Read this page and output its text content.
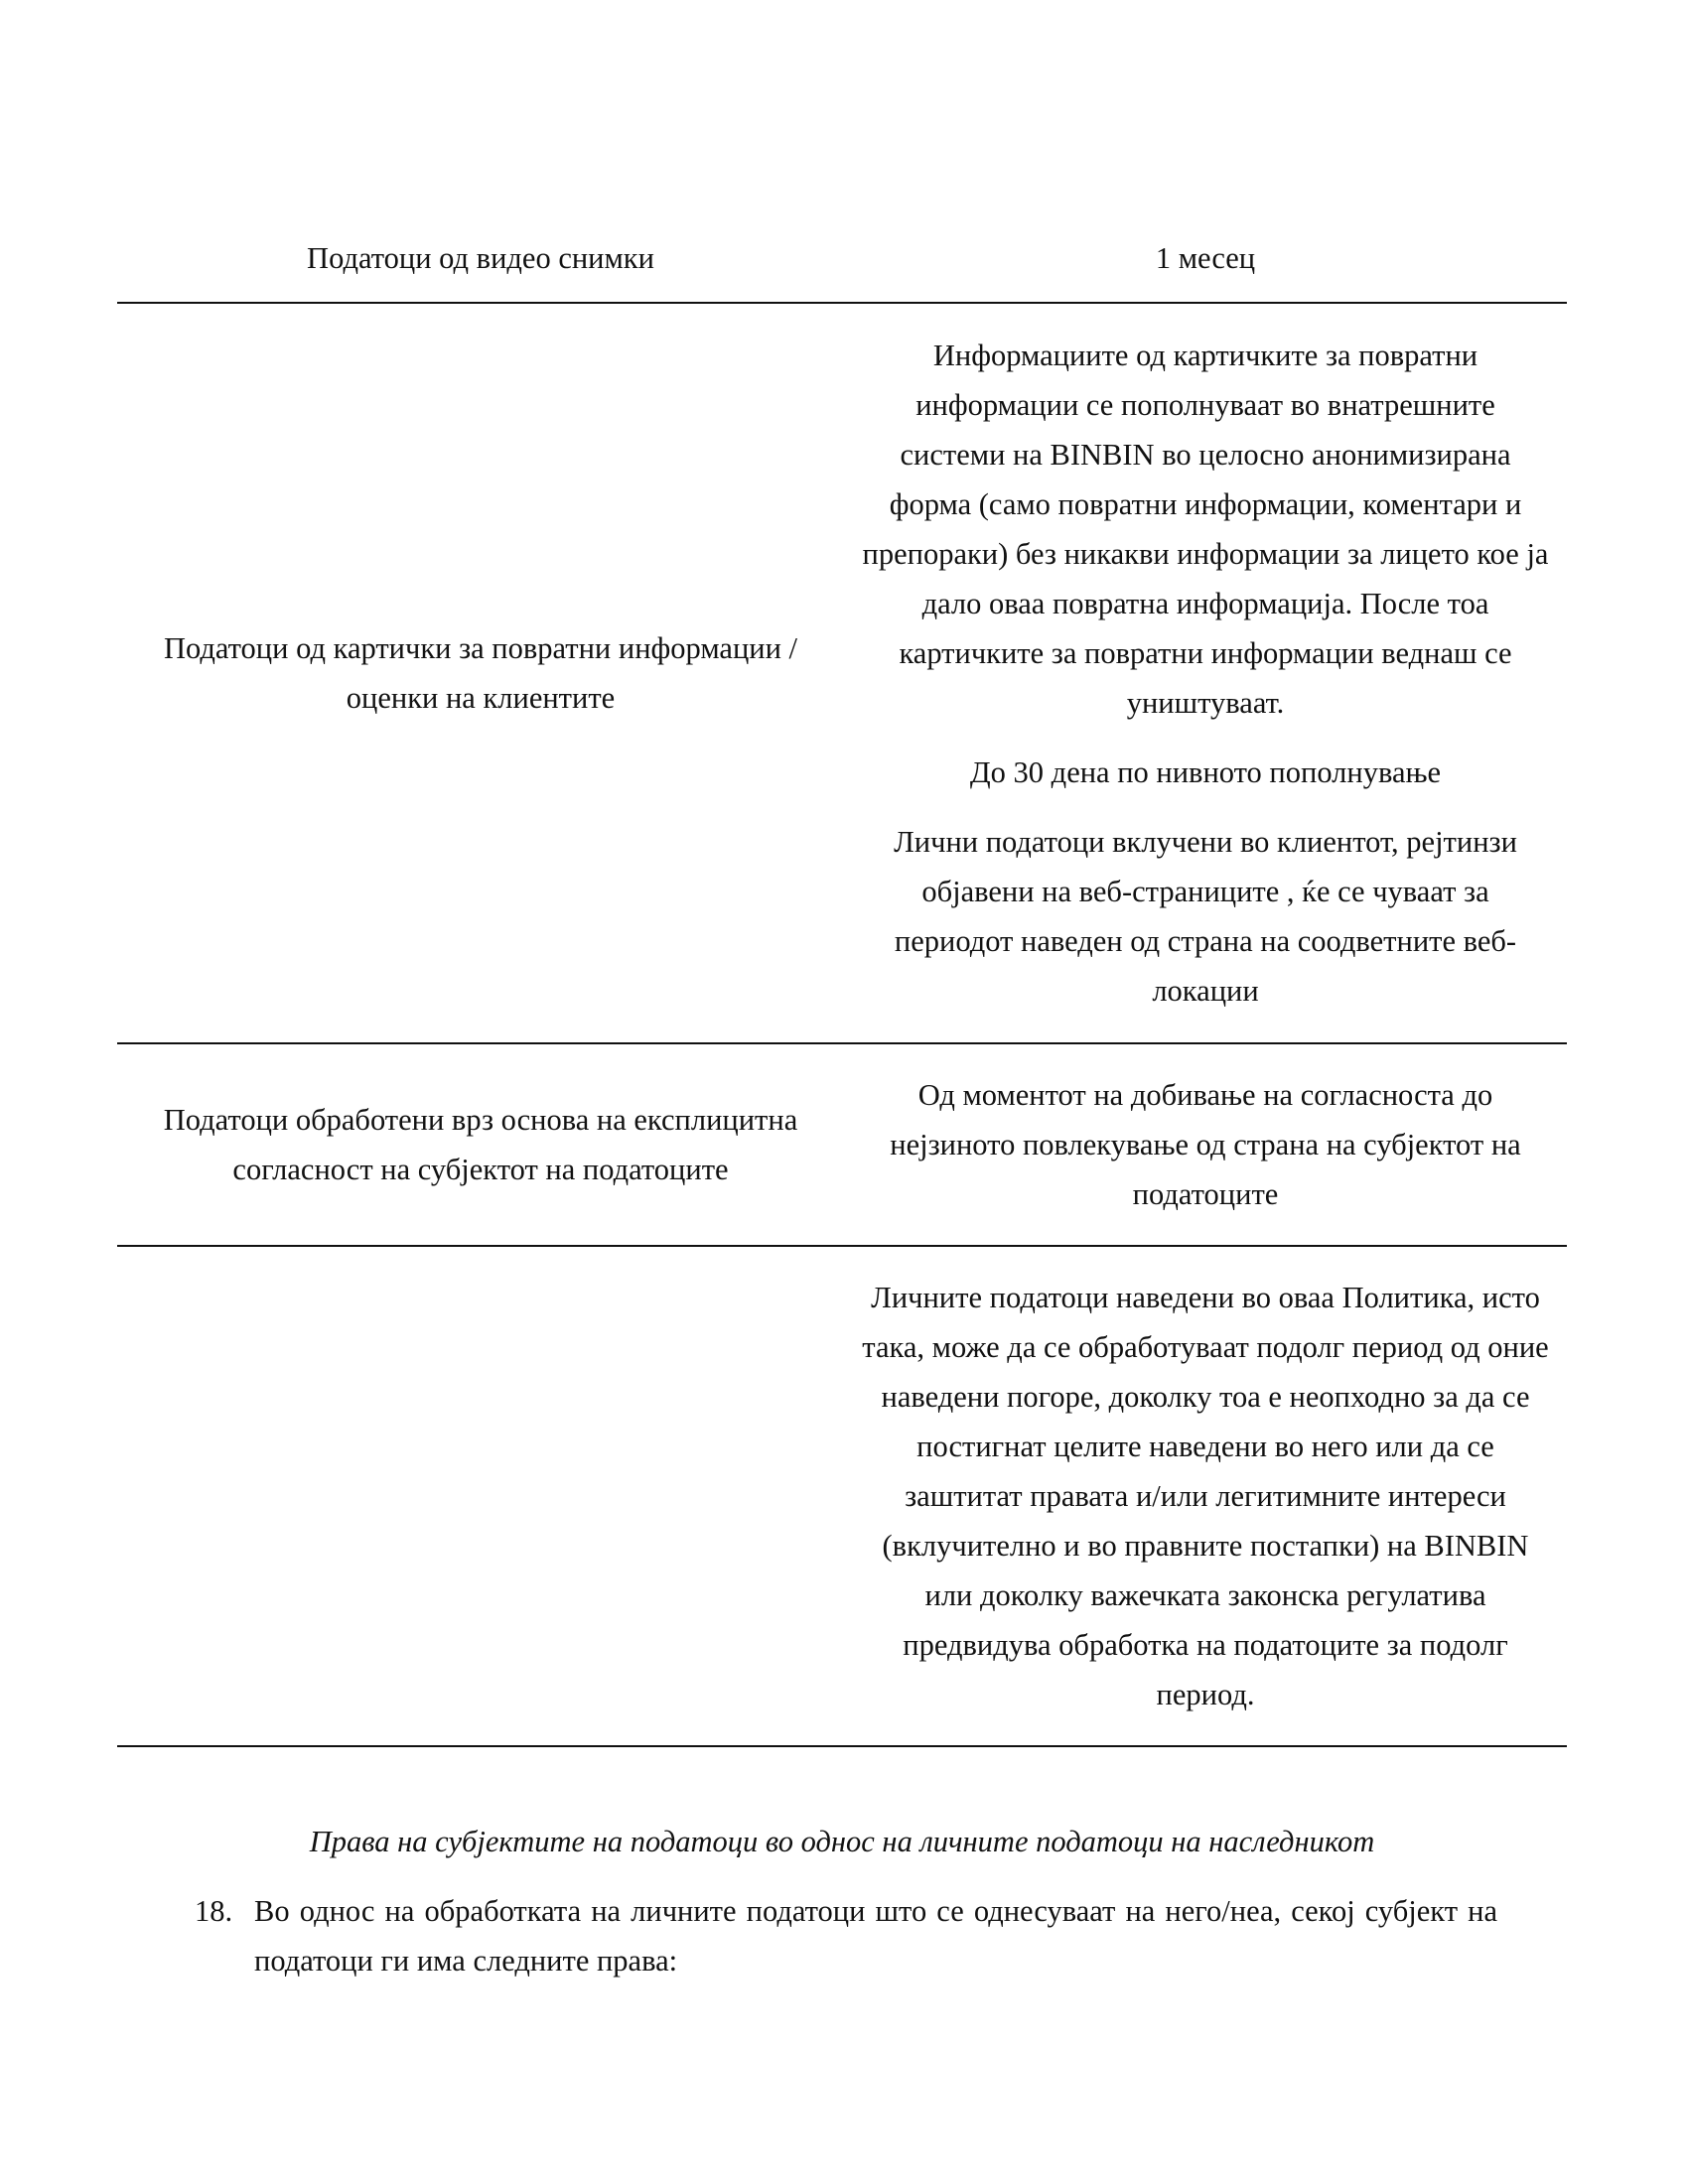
Податоци од видео снимки	1 месец

Податоци од картички за повратни информации /оценки на клиентите	Информациите од картичките за повратни информации се пополнуваат во внатрешните системи на BINBIN во целосно анонимизирана форма (само повратни информации, коментари и препораки) без никакви информации за лицето кое ја дало оваа повратна информација. После тоа картичките за повратни информации веднаш се уништуваат.

До 30 дена по нивното пополнување

Лични податоци вклучени во клиентот, рејтинзи објавени на веб-страниците , ќе се чуваат за периодот наведен од страна на соодветните веб-локации

Податоци обработени врз основа на експлицитна согласност на субјектот на податоците	Од моментот на добивање на согласноста до нејзиното повлекување од страна на субјектот на податоците

	Личните податоци наведени во оваа Политика, исто така, може да се обработуваат подолг период од оние наведени погоре, доколку тоа е неопходно за да се постигнат целите наведени во него или да се заштитат правата и/или легитимните интереси (вклучително и во правните постапки) на BINBIN или доколку важечката законска регулатива предвидува обработка на податоците за подолг период.

Права на субјектите на податоци во однос на личните податоци на наследникот

18. Во однос на обработката на личните податоци што се однесуваат на него/неа, секој субјект на податоци ги има следните права:
